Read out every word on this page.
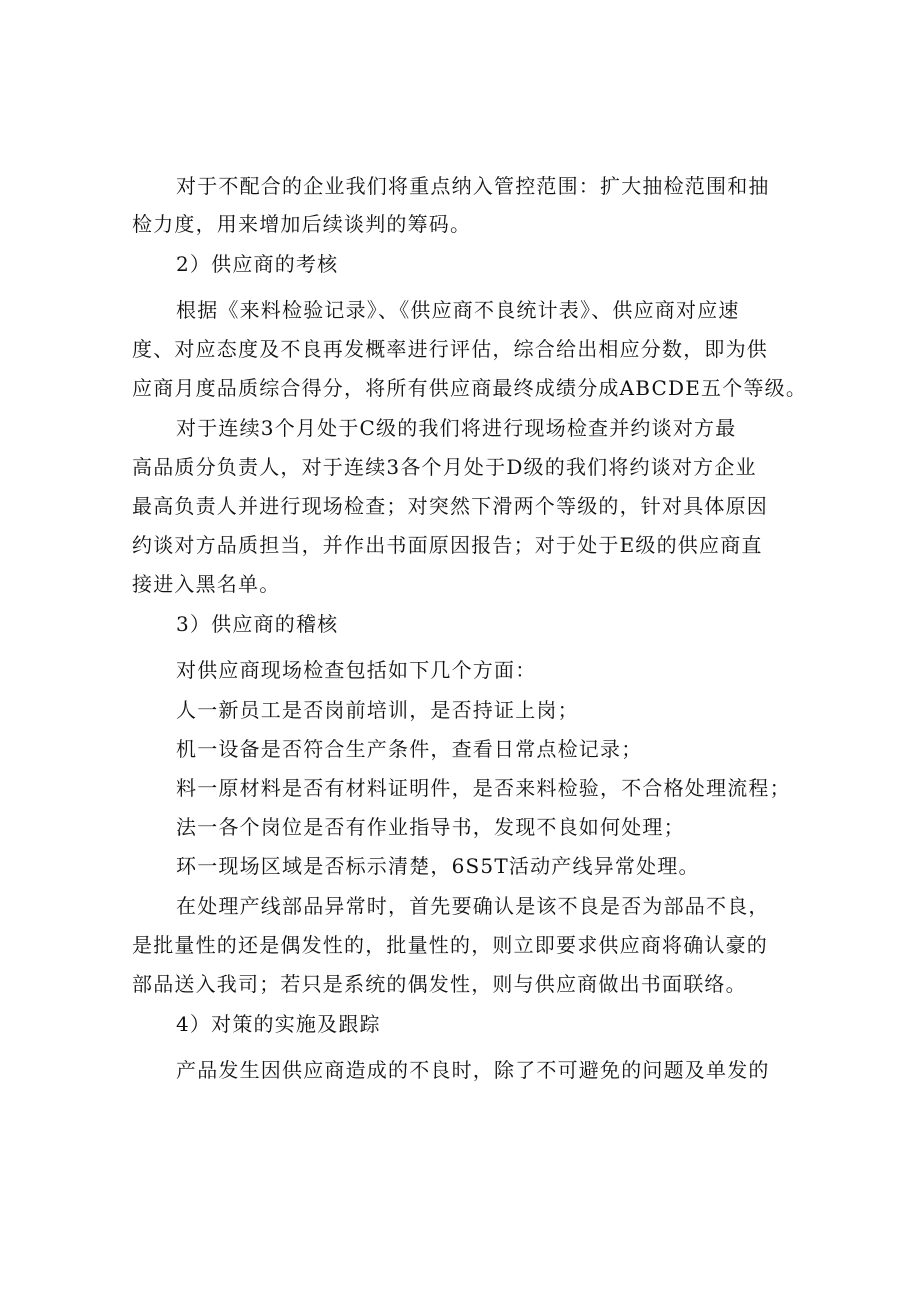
对于不配合的企业我们将重点纳入管控范围：扩大抽检范围和抽
检力度，用来增加后续谈判的筹码。
2）供应商的考核
根据《来料检验记录》、《供应商不良统计表》、供应商对应速
度、对应态度及不良再发概率进行评估，综合给出相应分数，即为供
应商月度品质综合得分，将所有供应商最终成绩分成ABCDE五个等级。
对于连续3个月处于C级的我们将进行现场检查并约谈对方最
高品质分负责人，对于连续3各个月处于D级的我们将约谈对方企业
最高负责人并进行现场检查；对突然下滑两个等级的，针对具体原因
约谈对方品质担当，并作出书面原因报告；对于处于E级的供应商直
接进入黑名单。
3）供应商的稽核
对供应商现场检查包括如下几个方面：
人一新员工是否岗前培训，是否持证上岗；
机一设备是否符合生产条件，查看日常点检记录；
料一原材料是否有材料证明件，是否来料检验，不合格处理流程；
法一各个岗位是否有作业指导书，发现不良如何处理；
环一现场区域是否标示清楚，6S5T活动产线异常处理。
在处理产线部品异常时，首先要确认是该不良是否为部品不良，
是批量性的还是偶发性的，批量性的，则立即要求供应商将确认豪的
部品送入我司；若只是系统的偶发性，则与供应商做出书面联络。
4）对策的实施及跟踪
产品发生因供应商造成的不良时，除了不可避免的问题及单发的
